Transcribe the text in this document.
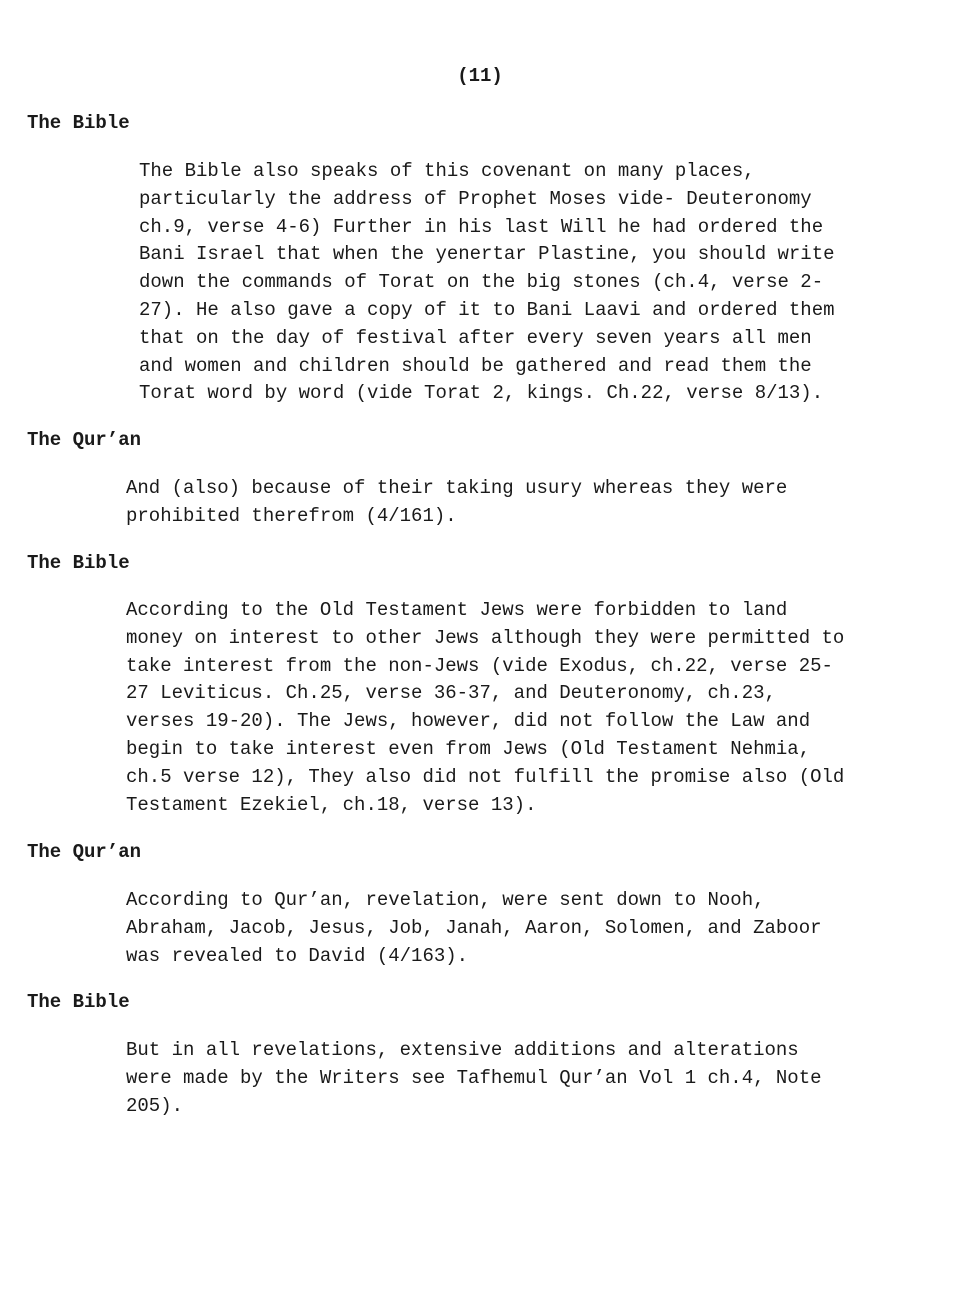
(11)
The Bible
The Bible also speaks of this covenant on many places,
particularly the address of Prophet Moses vide- Deuteronomy
ch.9, verse 4-6) Further in his last Will he had ordered the
Bani Israel that when the yenertar Plastine, you should write
down the commands of Torat on the big stones (ch.4, verse 2-
27). He also gave a copy of it to Bani Laavi and ordered them
that on the day of festival after every seven years all men
and women and children should be gathered and read them the
Torat word by word (vide Torat 2, kings. Ch.22, verse 8/13).
The Qur’an
And (also) because of their taking usury whereas they were
prohibited therefrom (4/161).
The Bible
According to the Old Testament Jews were forbidden to land
money on interest to other Jews although they were permitted to
take interest from the non-Jews (vide Exodus, ch.22, verse 25-
27 Leviticus. Ch.25, verse 36-37, and Deuteronomy, ch.23,
verses 19-20). The Jews, however, did not follow the Law and
begin to take interest even from Jews (Old Testament Nehmia,
ch.5 verse 12), They also did not fulfill the promise also (Old
Testament Ezekiel, ch.18, verse 13).
The Qur’an
According to Qur’an, revelation, were sent down to Nooh,
Abraham, Jacob, Jesus, Job, Janah, Aaron, Solomen, and Zaboor
was revealed to David (4/163).
The Bible
But in all revelations, extensive additions and alterations
were made by the Writers see Tafhemul Qur’an Vol 1 ch.4, Note
205).
